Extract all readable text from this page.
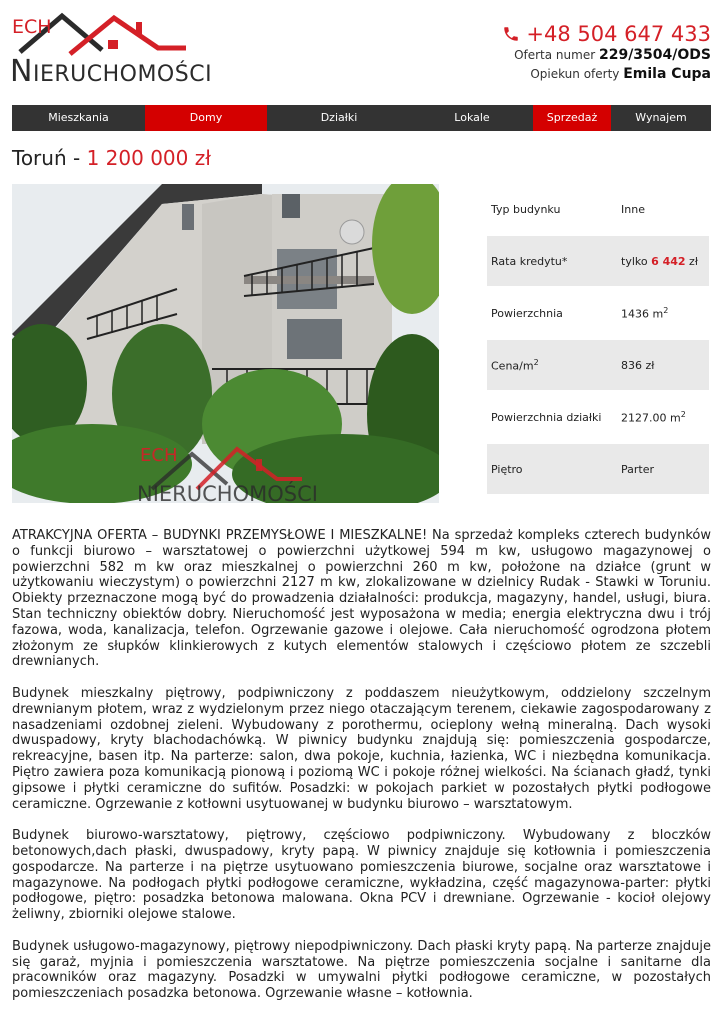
ECH
NIERUCHOMOŚCI
+48 504 647 433
Oferta numer 229/3504/ODS
Opiekun oferty Emila Cupa
Mieszkania	Domy	Działki	Lokale	Sprzedaż	Wynajem
Toruń - 1 200 000 zł
ECH
NIERUCHOMOŚCI
Typ budynku	Inne
Rata kredytu*	tylko 6 442 zł
Powierzchnia	1436 $m^2$
Cena/$m^2$	836 zł
Powierzchnia działki	2127.00 $m^2$
Piętro	Parter

ATRAKCYJNA OFERTA – BUDYNKI PRZEMYSŁOWE I MIESZKALNE! Na sprzedaż kompleks czterech budynków o funkcji biurowo – warsztatowej o powierzchni użytkowej 594 m kw, usługowo magazynowej o powierzchni 582 m kw oraz mieszkalnej o powierzchni 260 m kw, położone na działce (grunt w użytkowaniu wieczystym) o powierzchni 2127 m kw, zlokalizowane w dzielnicy Rudak - Stawki w Toruniu. Obiekty przeznaczone mogą być do prowadzenia działalności: produkcja, magazyny, handel, usługi, biura. Stan techniczny obiektów dobry. Nieruchomość jest wyposażona w media; energia elektryczna dwu i trój fazowa, woda, kanalizacja, telefon. Ogrzewanie gazowe i olejowe. Cała nieruchomość ogrodzona płotem złożonym ze słupków klinkierowych z kutych elementów stalowych i częściowo płotem ze szczebli drewnianych.

Budynek mieszkalny piętrowy, podpiwniczony z poddaszem nieużytkowym, oddzielony szczelnym drewnianym płotem, wraz z wydzielonym przez niego otaczającym terenem, ciekawie zagospodarowany z nasadzeniami ozdobnej zieleni. Wybudowany z porothermu, ocieplony wełną mineralną. Dach wysoki dwuspadowy, kryty blachodachówką. W piwnicy budynku znajdują się: pomieszczenia gospodarcze, rekreacyjne, basen itp. Na parterze: salon, dwa pokoje, kuchnia, łazienka, WC i niezbędna komunikacja. Piętro zawiera poza komunikacją pionową i poziomą WC i pokoje różnej wielkości. Na ścianach gładź, tynki gipsowe i płytki ceramiczne do sufitów. Posadzki: w pokojach parkiet w pozostałych płytki podłogowe ceramiczne. Ogrzewanie z kotłowni usytuowanej w budynku biurowo – warsztatowym.

Budynek biurowo-warsztatowy, piętrowy, częściowo podpiwniczony. Wybudowany z bloczków betonowych,dach płaski, dwuspadowy, kryty papą. W piwnicy znajduje się kotłownia i pomieszczenia gospodarcze. Na parterze i na piętrze usytuowano pomieszczenia biurowe, socjalne oraz warsztatowe i magazynowe. Na podłogach płytki podłogowe ceramiczne, wykładzina, część magazynowa-parter: płytki podłogowe, piętro: posadzka betonowa malowana. Okna PCV i drewniane. Ogrzewanie - kocioł olejowy żeliwny, zbiorniki olejowe stalowe.

Budynek usługowo-magazynowy, piętrowy niepodpiwniczony. Dach płaski kryty papą. Na parterze znajduje się garaż, myjnia i pomieszczenia warsztatowe. Na piętrze pomieszczenia socjalne i sanitarne dla pracowników oraz magazyny. Posadzki w umywalni płytki podłogowe ceramiczne, w pozostałych pomieszczeniach posadzka betonowa. Ogrzewanie własne – kotłownia.
